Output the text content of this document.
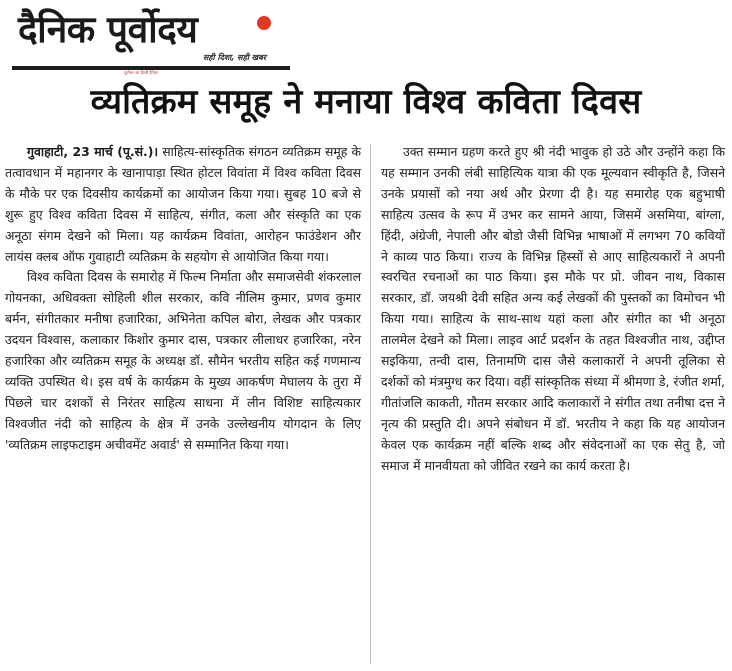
दैनिक पूर्वोदय
सही दिशा, सही खबर
पूर्वोत्तर का हिन्दी दैनिक
व्यतिक्रम समूह ने मनाया विश्व कविता दिवस

गुवाहाटी, 23 मार्च (पू.सं.)। साहित्य-सांस्कृतिक संगठन व्यतिक्रम समूह के तत्वावधान में महानगर के खानापाड़ा स्थित होटल विवांता में विश्व कविता दिवस के मौके पर एक दिवसीय कार्यक्रमों का आयोजन किया गया। सुबह 10 बजे से शुरू हुए विश्व कविता दिवस में साहित्य, संगीत, कला और संस्कृति का एक अनूठा संगम देखने को मिला। यह कार्यक्रम विवांता, आरोहन फाउंडेशन और लायंस क्लब ऑफ गुवाहाटी व्यतिक्रम के सहयोग से आयोजित किया गया।

विश्व कविता दिवस के समारोह में फिल्म निर्माता और समाजसेवी शंकरलाल गोयनका, अधिवक्ता सोहिली शील सरकार, कवि नीलिम कुमार, प्रणव कुमार बर्मन, संगीतकार मनीषा हजारिका, अभिनेता कपिल बोरा, लेखक और पत्रकार उदयन विश्वास, कलाकार किशोर कुमार दास, पत्रकार लीलाधर हजारिका, नरेन हजारिका और व्यतिक्रम समूह के अध्यक्ष डॉ. सौमेन भरतीय सहित कई गणमान्य व्यक्ति उपस्थित थे। इस वर्ष के कार्यक्रम के मुख्य आकर्षण मेघालय के तुरा में पिछले चार दशकों से निरंतर साहित्य साधना में लीन विशिष्ट साहित्यकार विश्वजीत नंदी को साहित्य के क्षेत्र में उनके उल्लेखनीय योगदान के लिए 'व्यतिक्रम लाइफटाइम अचीवमेंट अवार्ड' से सम्मानित किया गया।

उक्त सम्मान ग्रहण करते हुए श्री नंदी भावुक हो उठे और उन्होंने कहा कि यह सम्मान उनकी लंबी साहित्यिक यात्रा की एक मूल्यवान स्वीकृति है, जिसने उनके प्रयासों को नया अर्थ और प्रेरणा दी है। यह समारोह एक बहुभाषी साहित्य उत्सव के रूप में उभर कर सामने आया, जिसमें असमिया, बांग्ला, हिंदी, अंग्रेजी, नेपाली और बोडो जैसी विभिन्न भाषाओं में लगभग 70 कवियों ने काव्य पाठ किया। राज्य के विभिन्न हिस्सों से आए साहित्यकारों ने अपनी स्वरचित रचनाओं का पाठ किया। इस मौके पर प्रो. जीवन नाथ, विकास सरकार, डॉ. जयश्री देवी सहित अन्य कई लेखकों की पुस्तकों का विमोचन भी किया गया। साहित्य के साथ-साथ यहां कला और संगीत का भी अनूठा तालमेल देखने को मिला। लाइव आर्ट प्रदर्शन के तहत विश्वजीत नाथ, उद्दीप्त सइकिया, तन्वी दास, तिनामणि दास जैसे कलाकारों ने अपनी तूलिका से दर्शकों को मंत्रमुग्ध कर दिया। वहीं सांस्कृतिक संध्या में श्रीमणा डे, रंजीत शर्मा, गीतांजलि काकती, गौतम सरकार आदि कलाकारों ने संगीत तथा तनीषा दत्त ने नृत्य की प्रस्तुति दी। अपने संबोधन में डॉ. भरतीय ने कहा कि यह आयोजन केवल एक कार्यक्रम नहीं बल्कि शब्द और संवेदनाओं का एक सेतु है, जो समाज में मानवीयता को जीवित रखने का कार्य करता है।
